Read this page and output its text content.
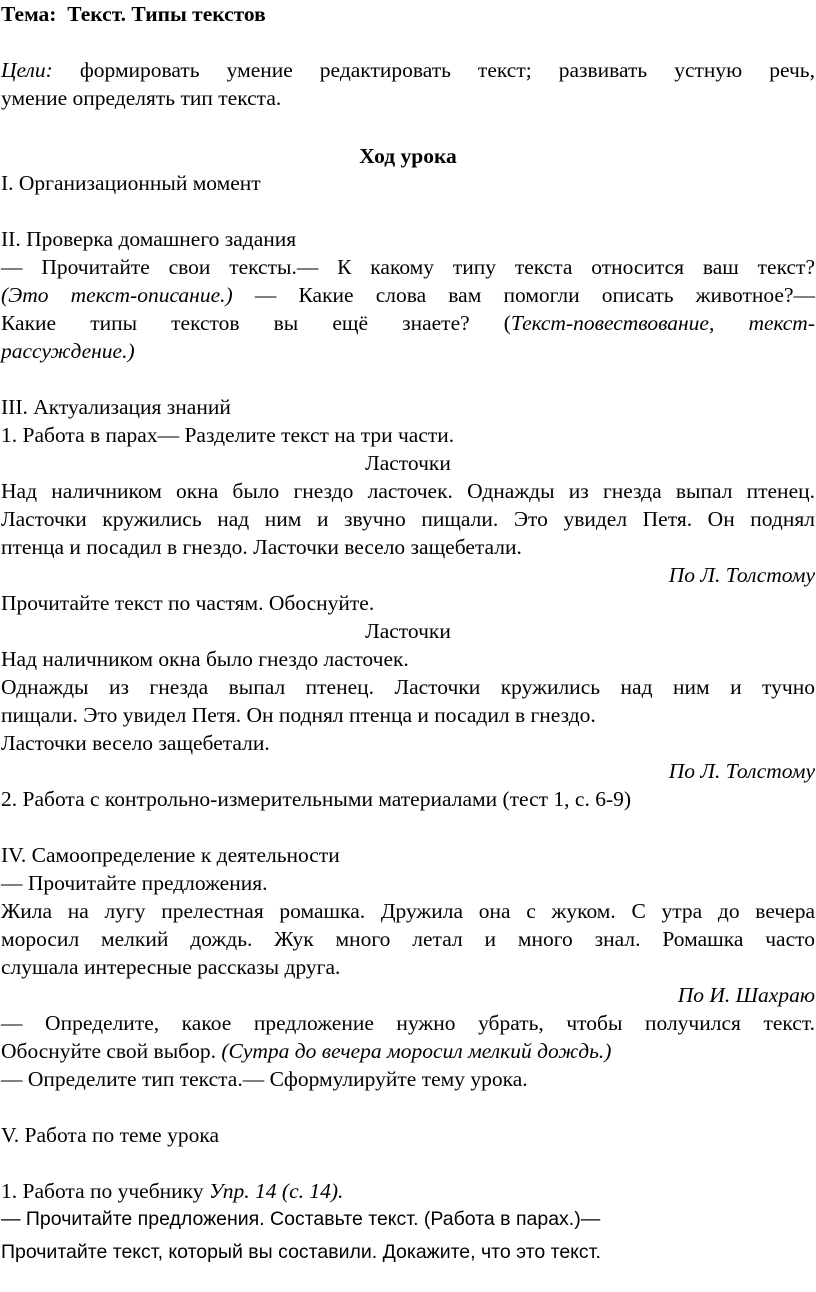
Тема: Текст. Типы текстов
Цели: формировать умение редактировать текст; развивать устную речь,
умение определять тип текста.
Ход урока
I. Организационный момент
II. Проверка домашнего задания
— Прочитайте свои тексты.— К какому типу текста относится ваш текст?
(Это текст-описание.) — Какие слова вам помогли описать животное?—
Какие типы текстов вы ещё знаете? (Текст-повествование, текст-
рассуждение.)
III. Актуализация знаний
1. Работа в парах— Разделите текст на три части.
Ласточки
Над наличником окна было гнездо ласточек. Однажды из гнезда выпал птенец.
Ласточки кружились над ним и звучно пищали. Это увидел Петя. Он поднял
птенца и посадил в гнездо. Ласточки весело защебетали.
По Л. Толстому
Прочитайте текст по частям. Обоснуйте.
Ласточки
Над наличником окна было гнездо ласточек.
Однажды из гнезда выпал птенец. Ласточки кружились над ним и тучно
пищали. Это увидел Петя. Он поднял птенца и посадил в гнездо.
Ласточки весело защебетали.
По Л. Толстому
2. Работа с контрольно-измерительными материалами (тест 1, с. 6-9)
IV. Самоопределение к деятельности
— Прочитайте предложения.
Жила на лугу прелестная ромашка. Дружила она с жуком. С утра до вечера
моросил мелкий дождь. Жук много летал и много знал. Ромашка часто
слушала интересные рассказы друга.
По И. Шахраю
— Определите, какое предложение нужно убрать, чтобы получился текст.
Обоснуйте свой выбор. (Сутра до вечера моросил мелкий дождь.)
— Определите тип текста.— Сформулируйте тему урока.
V. Работа по теме урока
1. Работа по учебнику Упр. 14 (с. 14).
— Прочитайте предложения. Составьте текст. (Работа в парах.)—
Прочитайте текст, который вы составили. Докажите, что это текст.
